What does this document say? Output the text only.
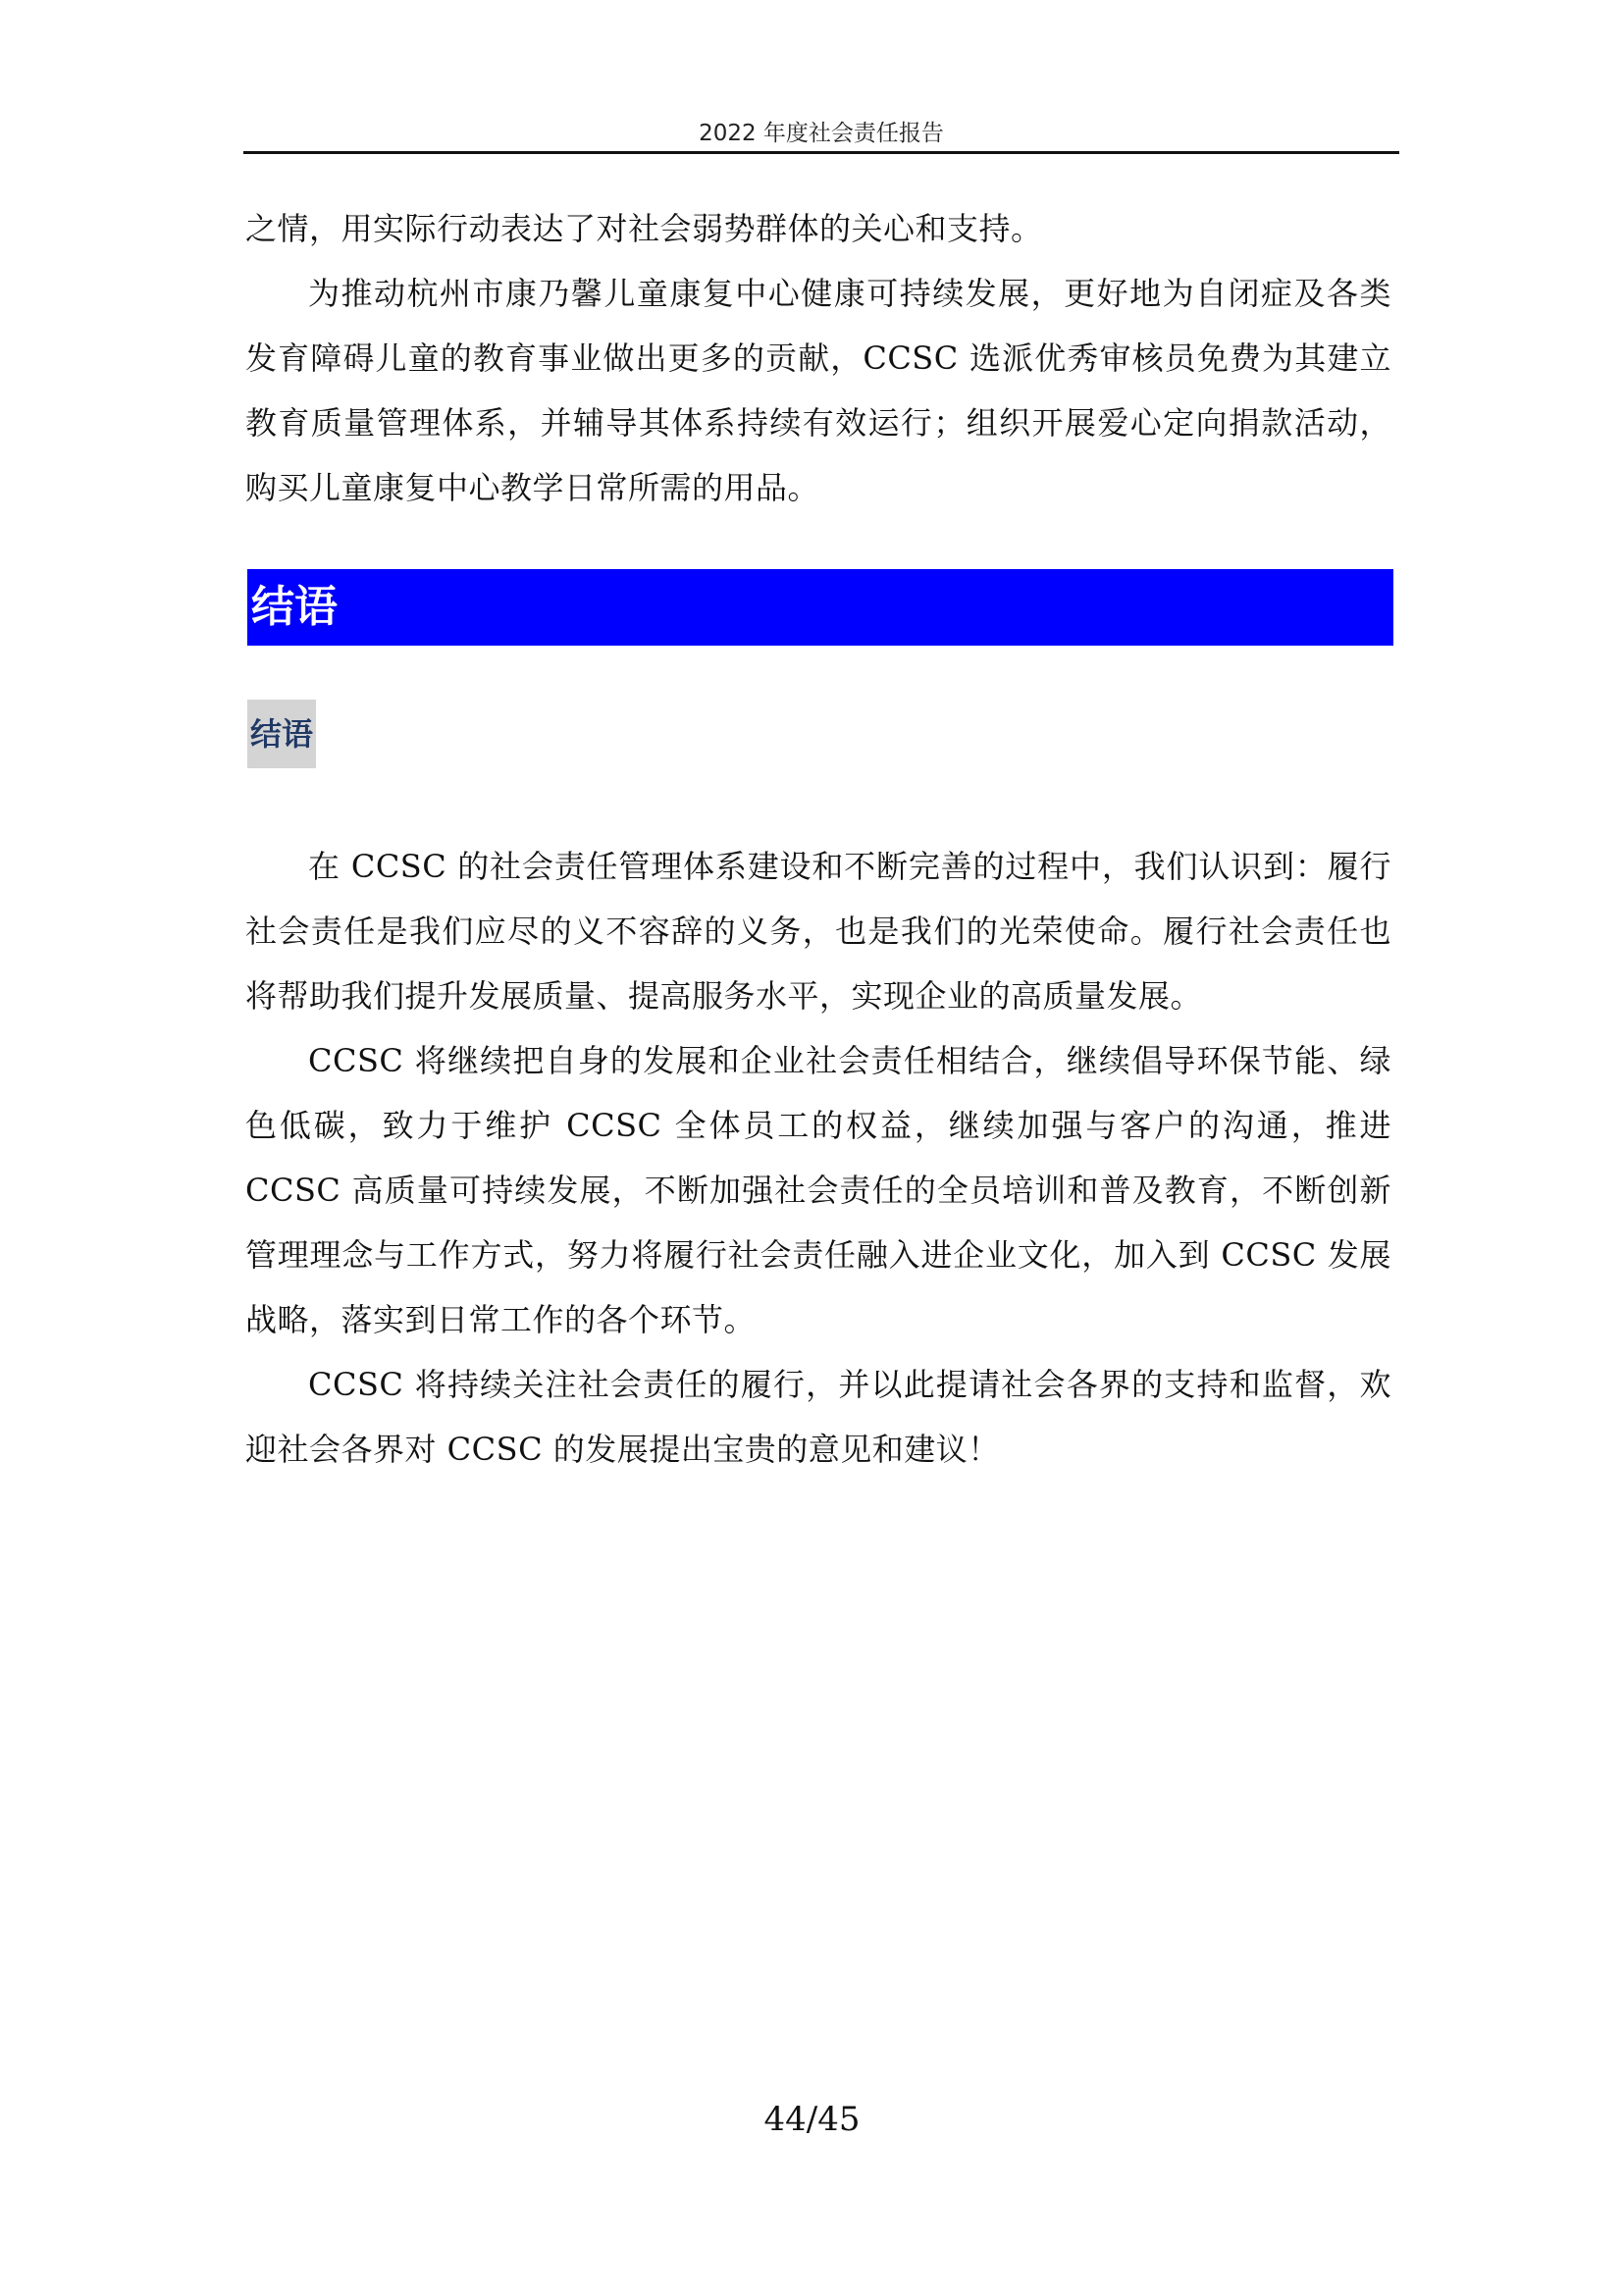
2022 年度社会责任报告

之情，用实际行动表达了对社会弱势群体的关心和支持。

为推动杭州市康乃馨儿童康复中心健康可持续发展，更好地为自闭症及各类发育障碍儿童的教育事业做出更多的贡献，CCSC 选派优秀审核员免费为其建立教育质量管理体系，并辅导其体系持续有效运行；组织开展爱心定向捐款活动，购买儿童康复中心教学日常所需的用品。

结语
结语

在 CCSC 的社会责任管理体系建设和不断完善的过程中，我们认识到：履行社会责任是我们应尽的义不容辞的义务，也是我们的光荣使命。履行社会责任也将帮助我们提升发展质量、提高服务水平，实现企业的高质量发展。

CCSC 将继续把自身的发展和企业社会责任相结合，继续倡导环保节能、绿色低碳，致力于维护 CCSC 全体员工的权益，继续加强与客户的沟通，推进 CCSC 高质量可持续发展，不断加强社会责任的全员培训和普及教育，不断创新管理理念与工作方式，努力将履行社会责任融入进企业文化，加入到 CCSC 发展战略，落实到日常工作的各个环节。

CCSC 将持续关注社会责任的履行，并以此提请社会各界的支持和监督，欢迎社会各界对 CCSC 的发展提出宝贵的意见和建议！

44/45
